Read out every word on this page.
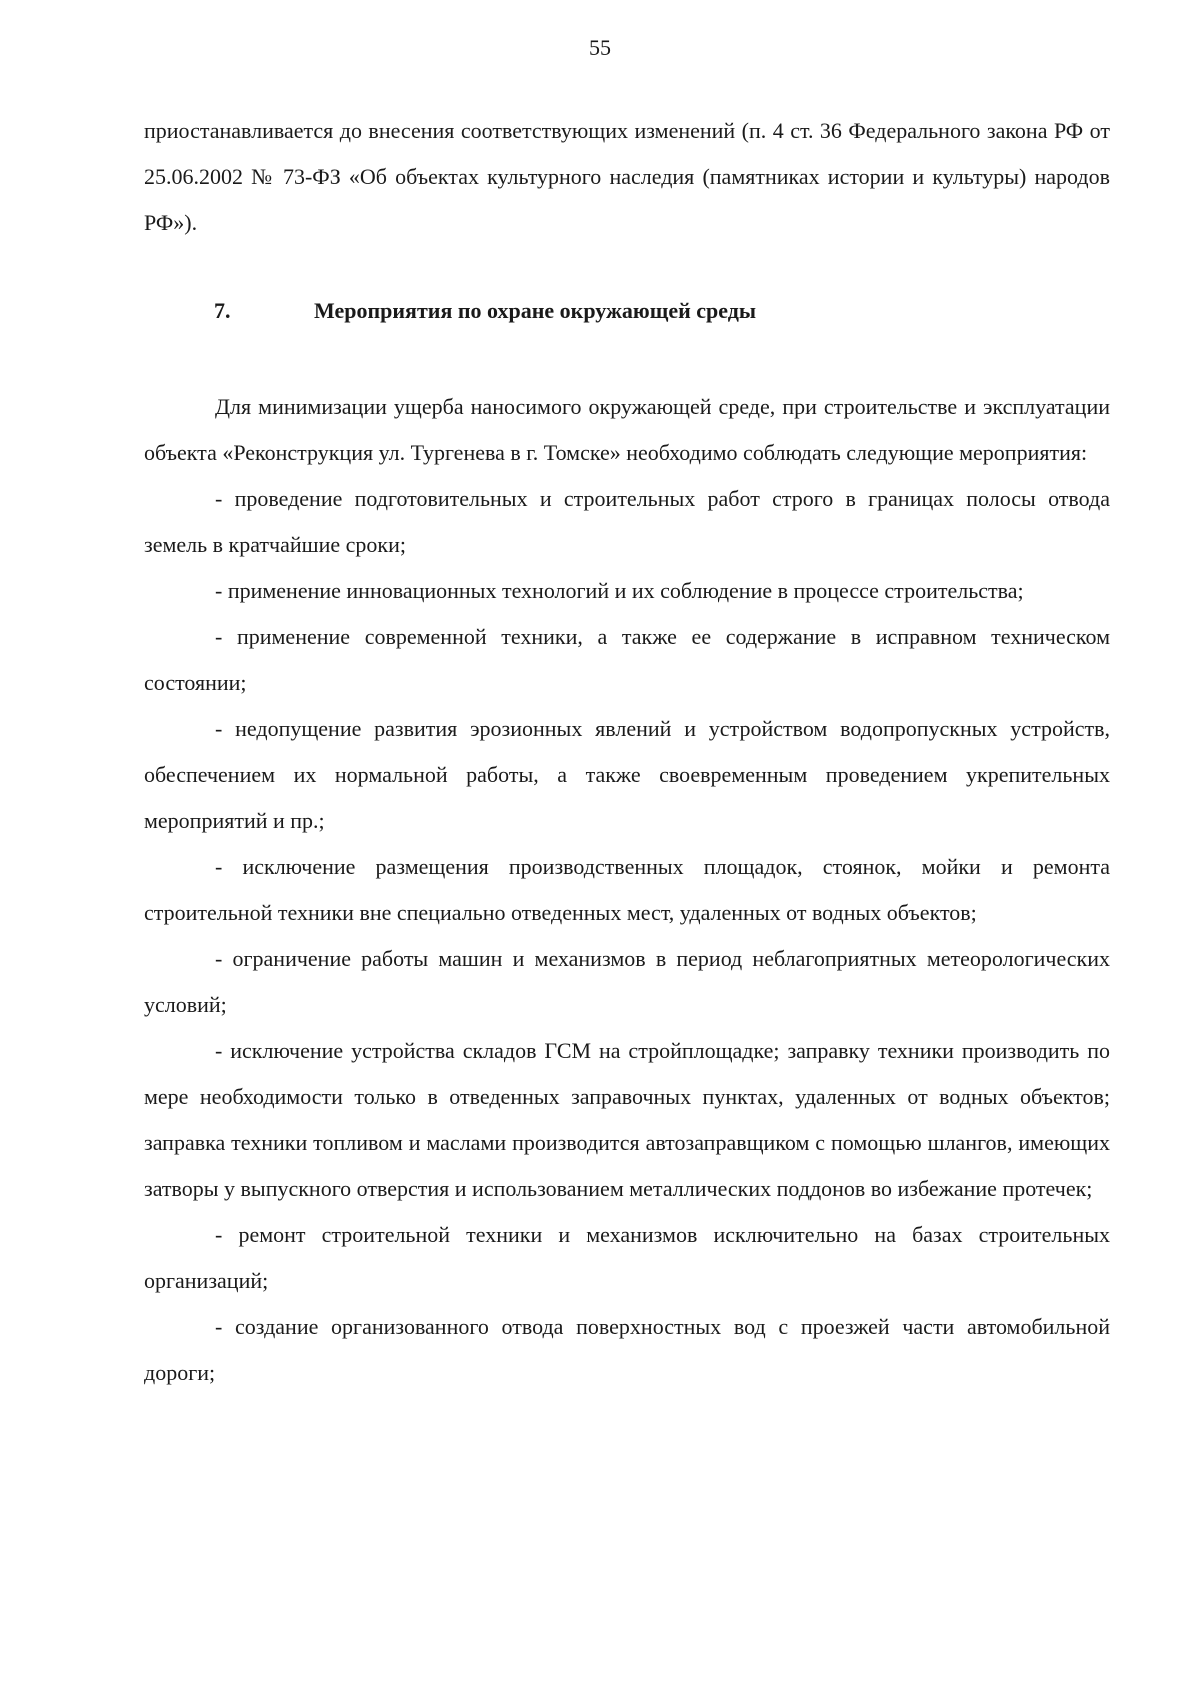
55

приостанавливается до внесения соответствующих изменений (п. 4 ст. 36 Федерального закона РФ от 25.06.2002 № 73-ФЗ «Об объектах культурного наследия (памятниках истории и культуры) народов РФ»).

7.	Мероприятия по охране окружающей среды

Для минимизации ущерба наносимого окружающей среде, при строительстве и эксплуатации объекта «Реконструкция ул. Тургенева в г. Томске» необходимо соблюдать следующие мероприятия:

- проведение подготовительных и строительных работ строго в границах полосы отвода земель в кратчайшие сроки;

- применение инновационных технологий и их соблюдение в процессе строительства;

- применение современной техники, а также ее содержание в исправном техническом состоянии;

- недопущение развития эрозионных явлений и устройством водопропускных устройств, обеспечением их нормальной работы, а также своевременным проведением укрепительных мероприятий и пр.;

- исключение размещения производственных площадок, стоянок, мойки и ремонта строительной техники вне специально отведенных мест, удаленных от водных объектов;

- ограничение работы машин и механизмов в период неблагоприятных метеорологических условий;

- исключение устройства складов ГСМ на стройплощадке; заправку техники производить по мере необходимости только в отведенных заправочных пунктах, удаленных от водных объектов; заправка техники топливом и маслами производится автозаправщиком с помощью шлангов, имеющих затворы у выпускного отверстия и использованием металлических поддонов во избежание протечек;

- ремонт строительной техники и механизмов исключительно на базах строительных организаций;

- создание организованного отвода поверхностных вод с проезжей части автомобильной дороги;
